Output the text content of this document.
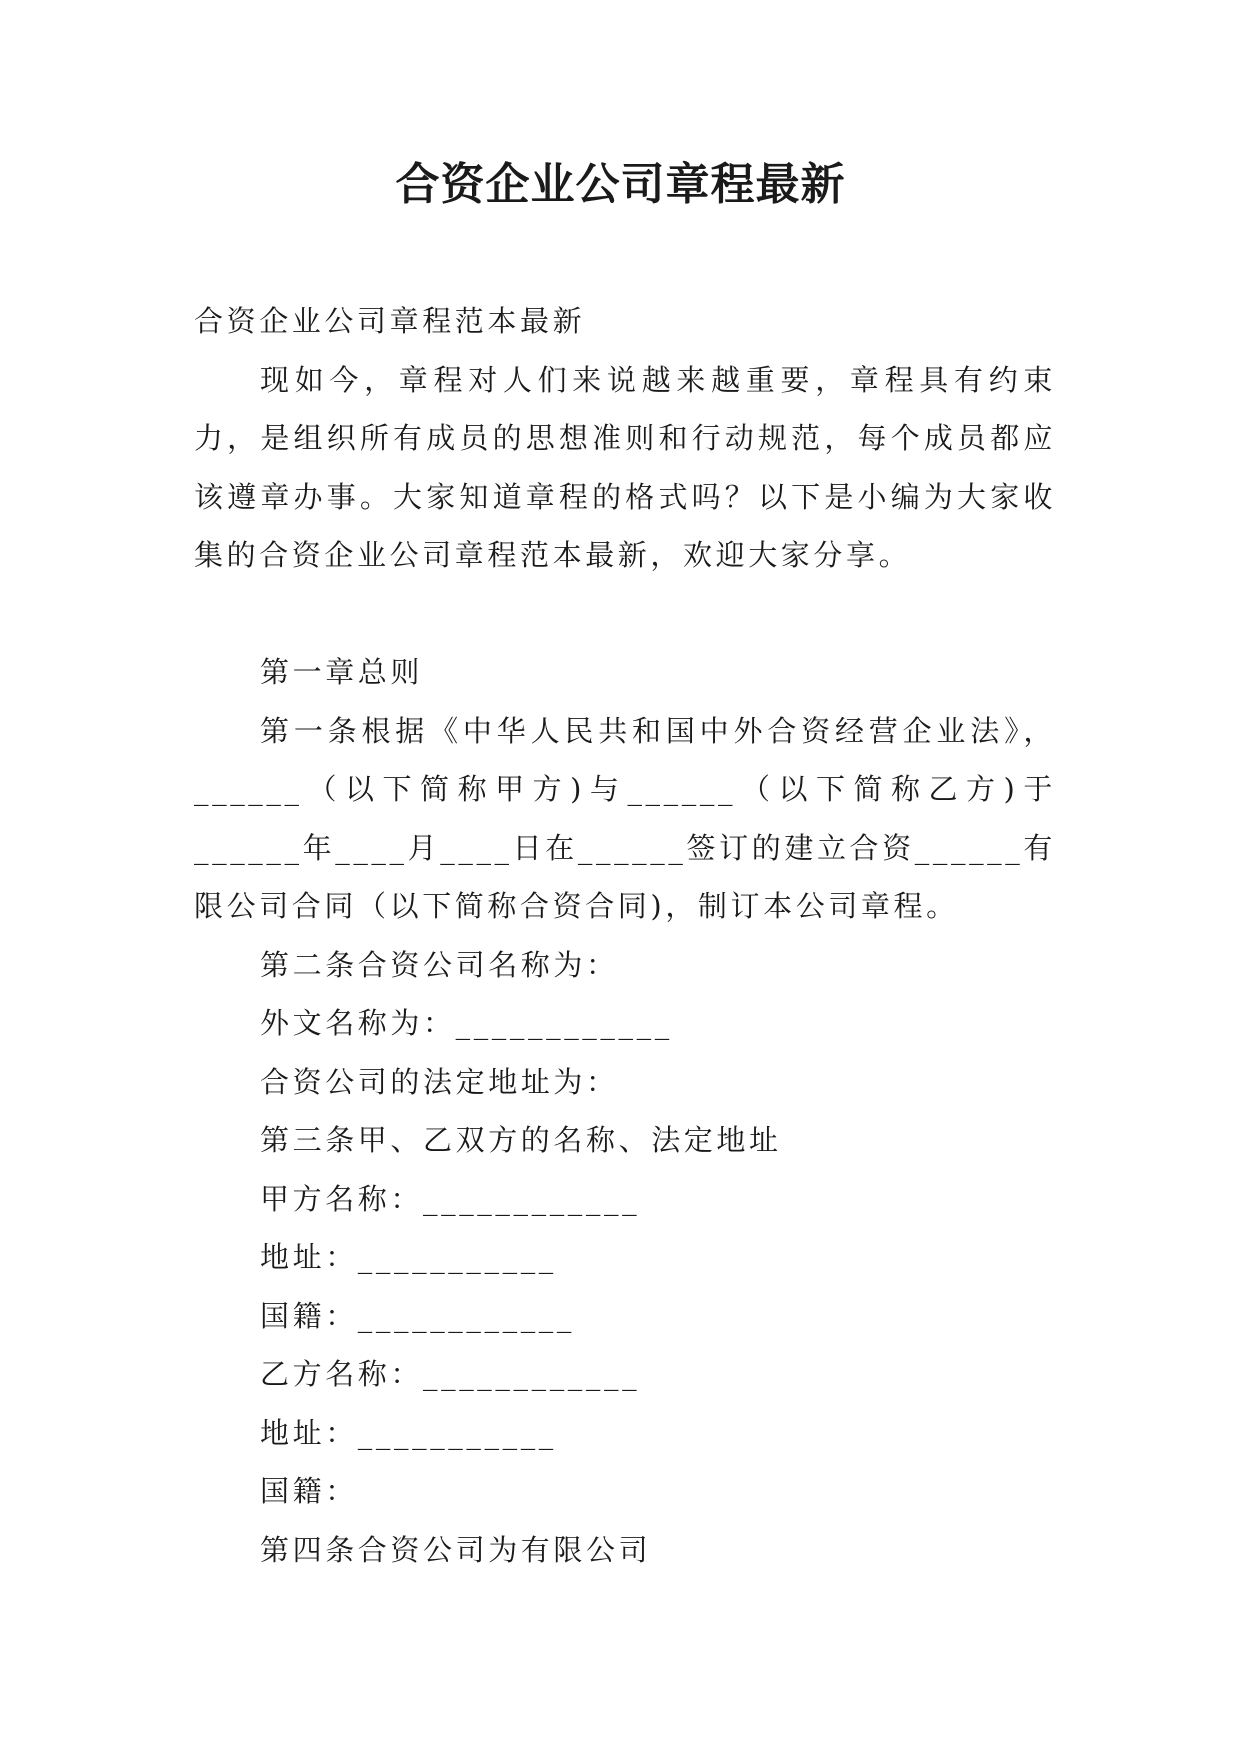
合资企业公司章程最新

合资企业公司章程范本最新

现如今，章程对人们来说越来越重要，章程具有约束力，是组织所有成员的思想准则和行动规范，每个成员都应该遵章办事。大家知道章程的格式吗？以下是小编为大家收集的合资企业公司章程范本最新，欢迎大家分享。

第一章总则

第一条根据《中华人民共和国中外合资经营企业法》，______（以下简称甲方)与______（以下简称乙方)于______年____月____日在______签订的建立合资______有限公司合同（以下简称合资合同)，制订本公司章程。

第二条合资公司名称为：

外文名称为：____________

合资公司的法定地址为：

第三条甲、乙双方的名称、法定地址

甲方名称：____________

地址：___________

国籍：____________

乙方名称：____________

地址：___________

国籍：

第四条合资公司为有限公司
